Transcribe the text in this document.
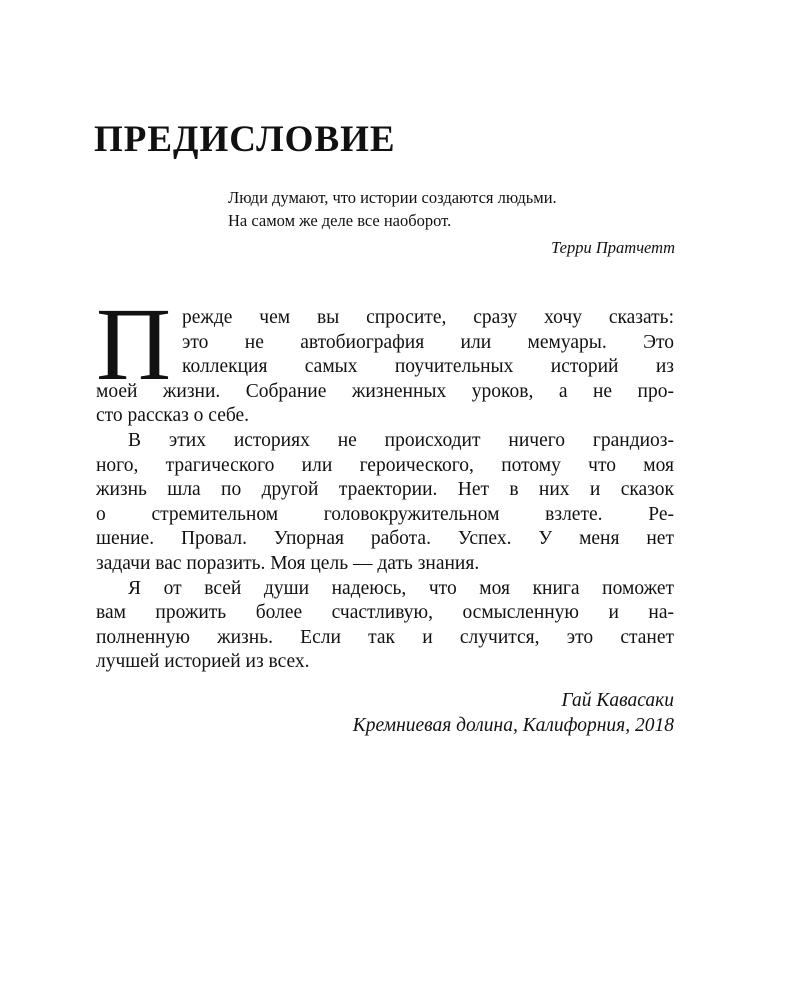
ПРЕДИСЛОВИЕ
Люди думают, что истории создаются людьми.
На самом же деле все наоборот.
Терри Пратчетт
П режде чем вы спросите, сразу хочу сказать:
это не автобиография или мемуары. Это
коллекция самых поучительных историй из
моей жизни. Собрание жизненных уроков, а не про-
сто рассказ о себе.
В этих историях не происходит ничего грандиоз-
ного, трагического или героического, потому что моя
жизнь шла по другой траектории. Нет в них и сказок
о стремительном головокружительном взлете. Ре-
шение. Провал. Упорная работа. Успех. У меня нет
задачи вас поразить. Моя цель — дать знания.
Я от всей души надеюсь, что моя книга поможет
вам прожить более счастливую, осмысленную и на-
полненную жизнь. Если так и случится, это станет
лучшей историей из всех.
Гай Кавасаки
Кремниевая долина, Калифорния, 2018
